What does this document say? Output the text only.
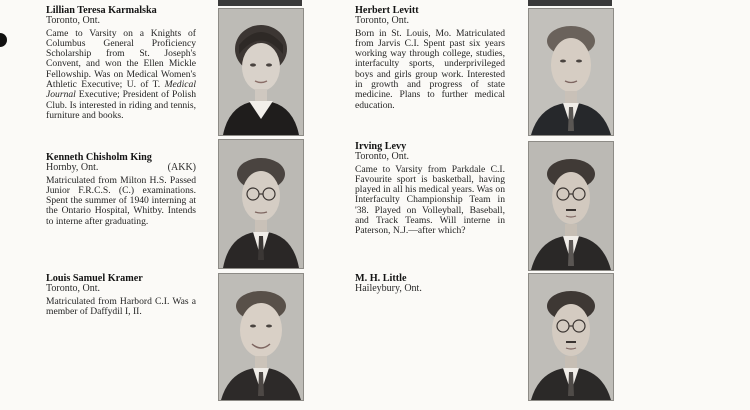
Lillian Teresa Karmalska
Toronto, Ont.
Came to Varsity on a Knights of Columbus General Proficiency Scholarship from St. Joseph's Convent, and won the Ellen Mickle Fellowship. Was on Medical Women's Athletic Executive; U. of T. Medical Journal Executive; President of Polish Club. Is interested in riding and tennis, furniture and books.
Kenneth Chisholm King
Hornby, Ont.	(AKK)
Matriculated from Milton H.S. Passed Junior F.R.C.S. (C.) examinations. Spent the summer of 1940 interning at the Ontario Hospital, Whitby. Intends to interne after graduating.
Louis Samuel Kramer
Toronto, Ont.
Matriculated from Harbord C.I. Was a member of Daffydil I, II.
Herbert Levitt
Toronto, Ont.
Born in St. Louis, Mo. Matriculated from Jarvis C.I. Spent past six years working way through college, studies, interfaculty sports, underprivileged boys and girls group work. Interested in growth and progress of state medicine. Plans to further medical education.
Irving Levy
Toronto, Ont.
Came to Varsity from Parkdale C.I. Favourite sport is basketball, having played in all his medical years. Was on Interfaculty Championship Team in '38. Played on Volleyball, Baseball, and Track Teams. Will interne in Paterson, N.J.—after which?
M. H. Little
Haileybury, Ont.
